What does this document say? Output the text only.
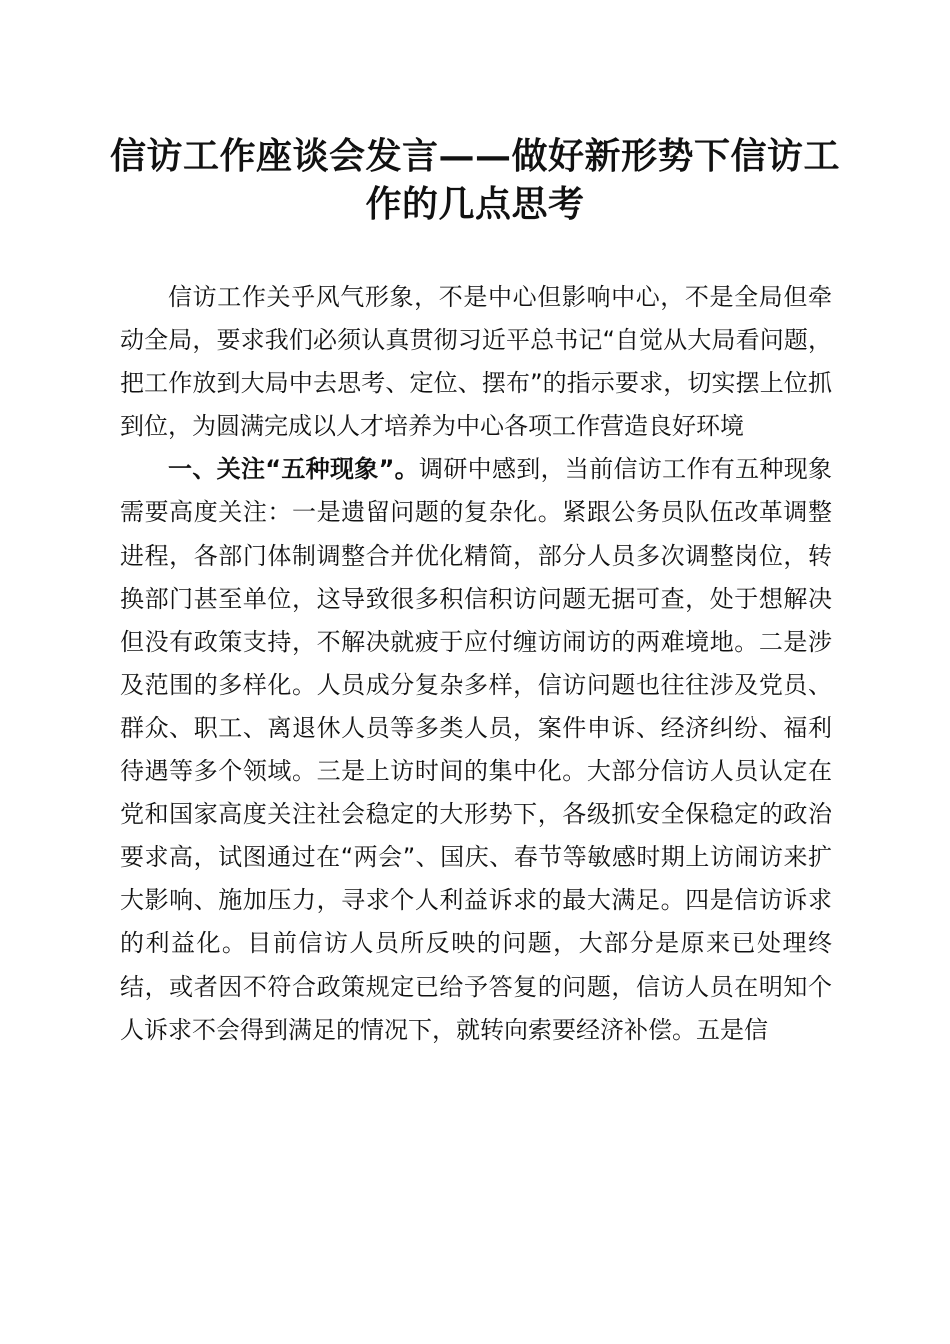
信访工作座谈会发言——做好新形势下信访工
作的几点思考

信访工作关乎风气形象，不是中心但影响中心，不是全局但牵动全局，要求我们必须认真贯彻习近平总书记“自觉从大局看问题，把工作放到大局中去思考、定位、摆布”的指示要求，切实摆上位抓到位，为圆满完成以人才培养为中心各项工作营造良好环境

一、关注“五种现象”。调研中感到，当前信访工作有五种现象需要高度关注：一是遗留问题的复杂化。紧跟公务员队伍改革调整进程，各部门体制调整合并优化精简，部分人员多次调整岗位，转换部门甚至单位，这导致很多积信积访问题无据可查，处于想解决但没有政策支持，不解决就疲于应付缠访闹访的两难境地。二是涉及范围的多样化。人员成分复杂多样，信访问题也往往涉及党员、群众、职工、离退休人员等多类人员，案件申诉、经济纠纷、福利待遇等多个领域。三是上访时间的集中化。大部分信访人员认定在党和国家高度关注社会稳定的大形势下，各级抓安全保稳定的政治要求高，试图通过在“两会”、国庆、春节等敏感时期上访闹访来扩大影响、施加压力，寻求个人利益诉求的最大满足。四是信访诉求的利益化。目前信访人员所反映的问题，大部分是原来已处理终结，或者因不符合政策规定已给予答复的问题，信访人员在明知个人诉求不会得到满足的情况下，就转向索要经济补偿。五是信
